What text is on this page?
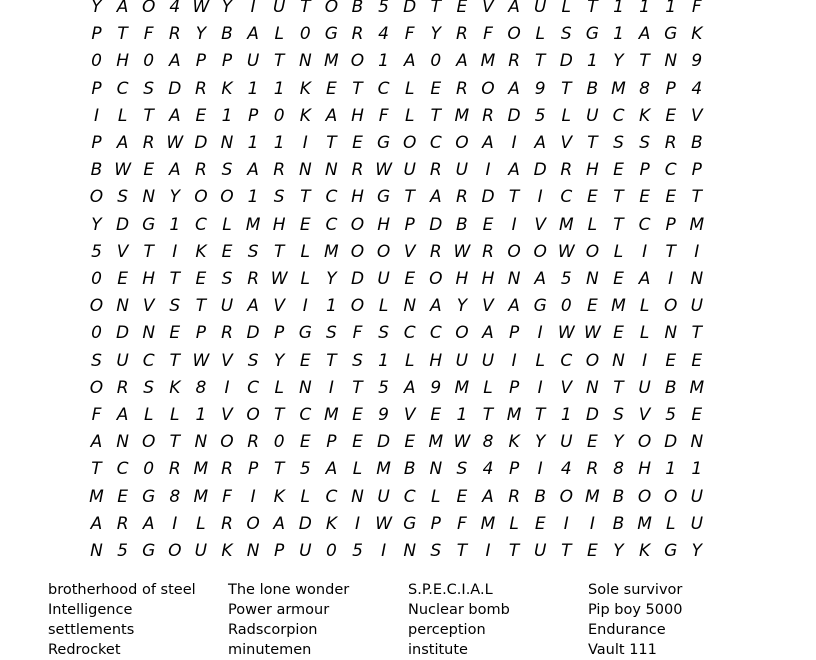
Y A O 4 W Y	I	U T O B 5 D T E V A U L T 1 1 1 F
P T F R Y B A L 0 G R 4 F Y R F O L S G 1 A G K
0 H 0 A P P U T N M O 1 A 0 A M R T D 1 Y T N 9
P C S D R K 1 1 K E T C L E R O A 9 T B M 8 P 4
I	L T A E 1 P 0 K A H F L T M R D 5 L U C K E V
P A R W D N 1 1	I	T E G O C O A	I	A V T S S R B
B W E A R S A R N N R W U R U	I	A D R H E P C P
O S N Y O O 1 S T C H G T A R D T	I	C E T E E T
Y D G 1 C L M H E C O H P D B E	I	V M L T C P M
5 V T	I	K E S T L M O O V R W R O O W O L	I	T	I
0 E H T E S R W L Y D U E O H H N A 5 N E A	I	N
O N V S T U A V	I	1 O L N A Y V A G 0 E M L O U
0 D N E P R D P G S F S C C O A P	I W W E L N T
S U C T W V S Y E T S 1 L H U U	I	L C O N	I	E E
O R S K 8	I	C L N	I	T 5 A 9 M L P	I	V N T U B M
F A L L 1 V O T C M E 9 V E 1 T M T 1 D S V 5 E
A N O T N O R 0 E P E D E M W 8 K Y U E Y O D N
T C 0 R M R P T 5 A L M B N S 4 P	I	4 R 8 H 1 1
M E G 8 M F	I	K L C N U C L E A R B O M B O O U
A R A	I	L R O A D K	I W G P F M L E	I	I	B M L U
N 5 G O U K N P U 0 5	I	N S T	I	T U T E Y K G Y
brotherhood of steel
Intelligence
settlements
Redrocket
The lone wonder
Power armour
Radscorpion
minutemen
S.P.E.C.I.A.L
Nuclear bomb
perception
institute
Sole survivor
Pip boy 5000
Endurance
Vault 111
